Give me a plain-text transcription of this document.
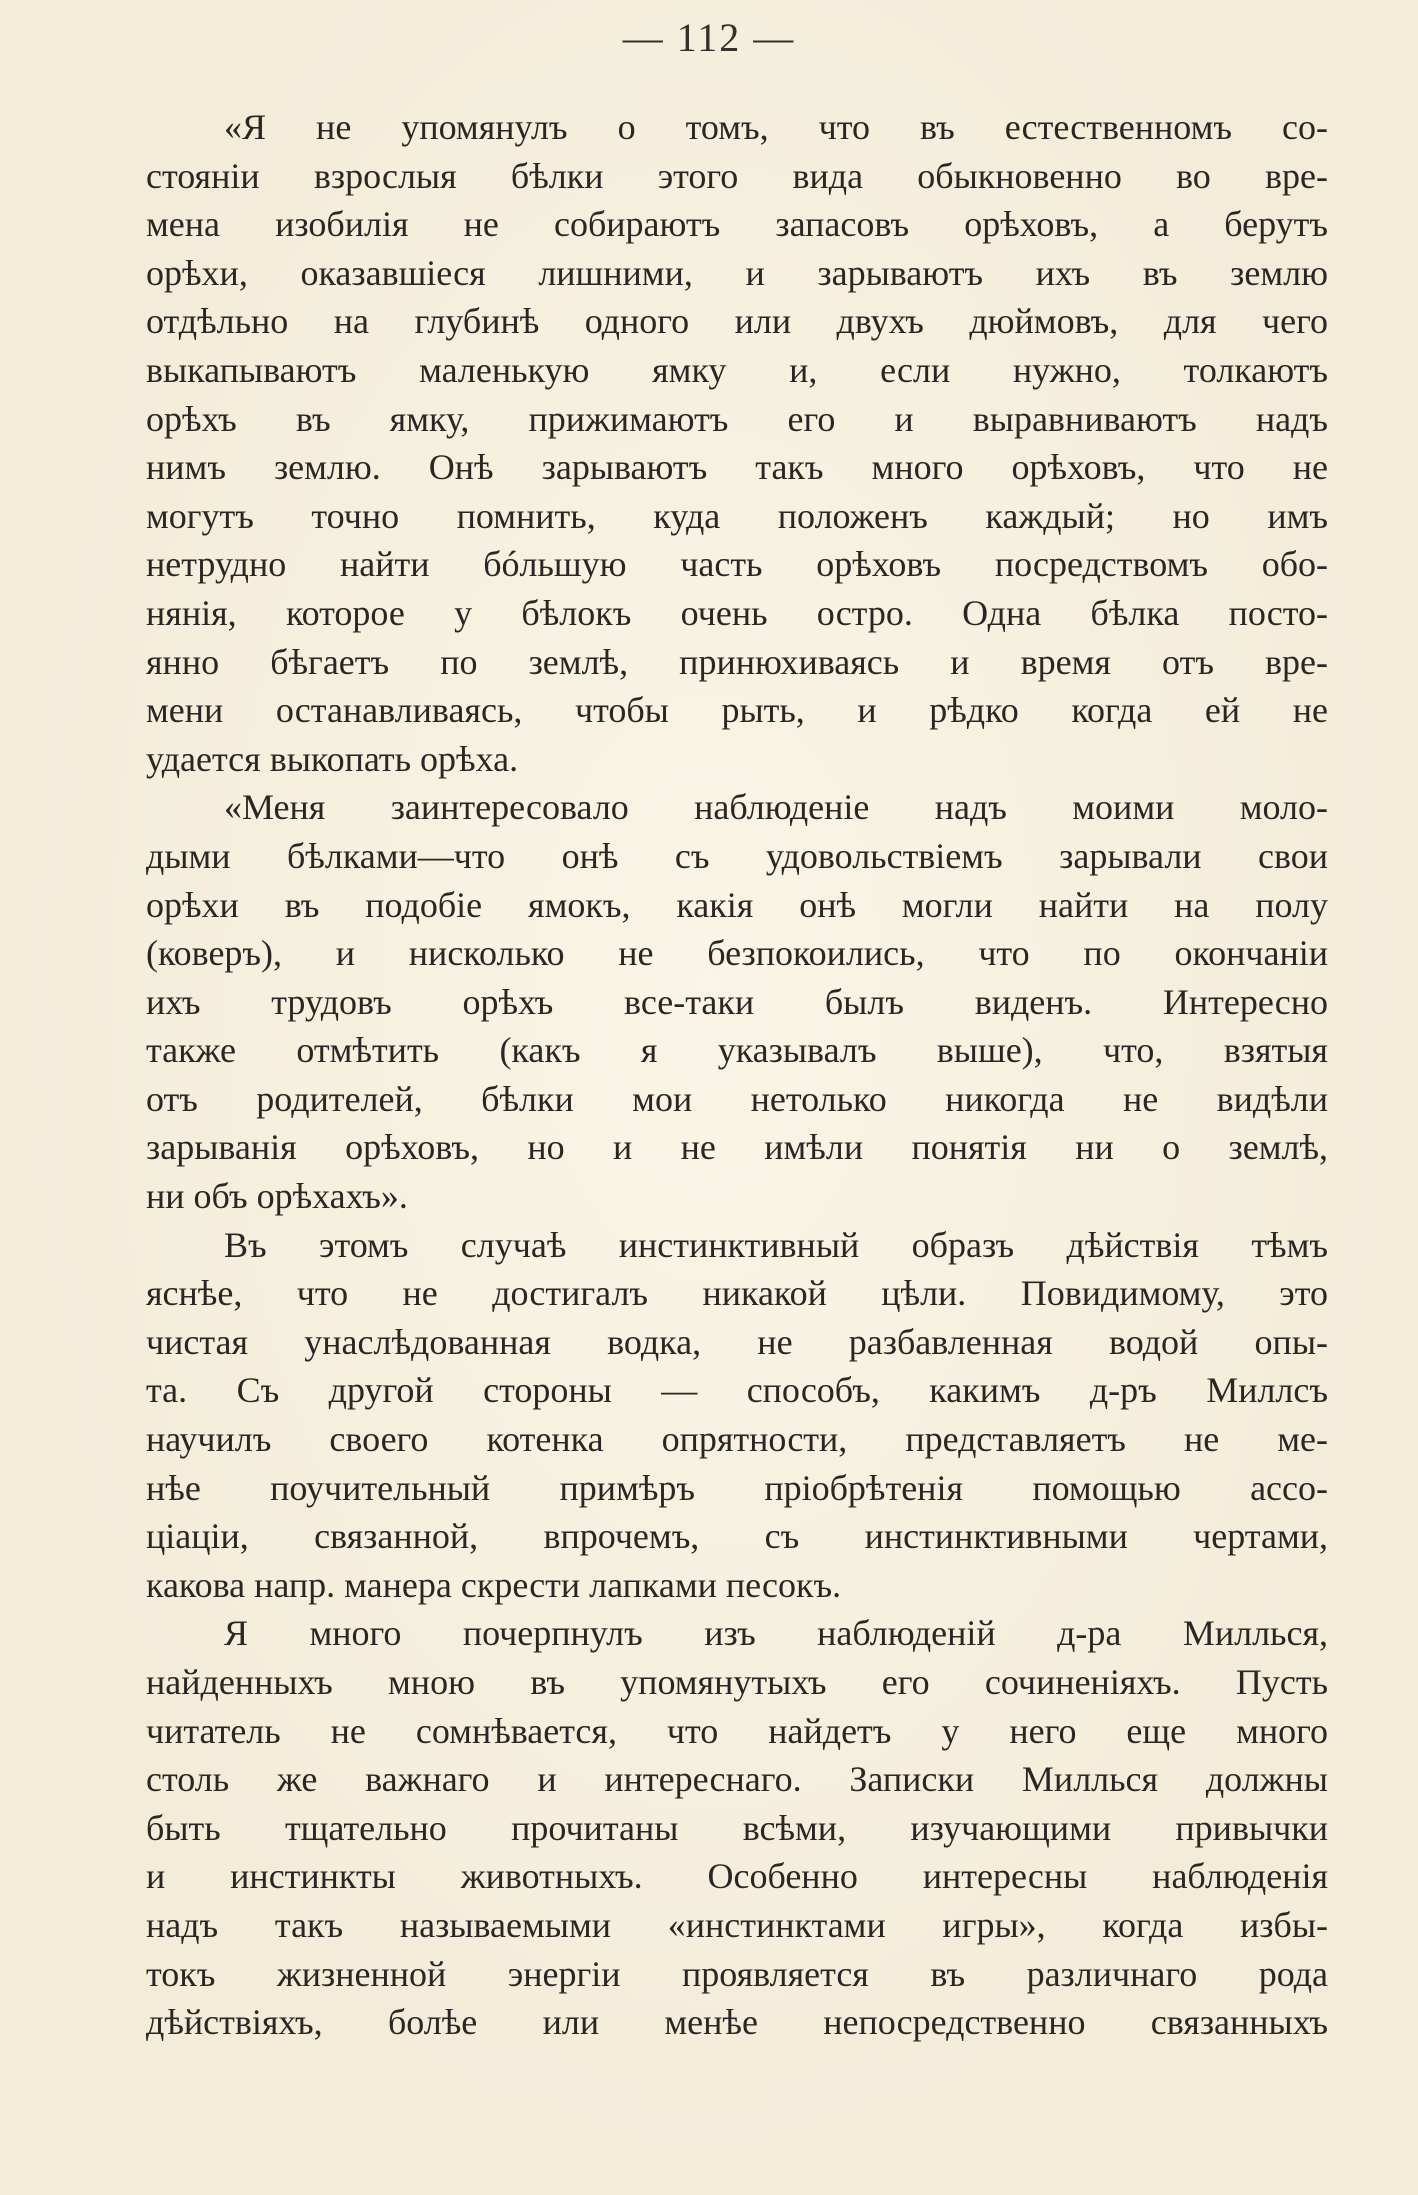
— 112 —
«Я не упомянулъ о томъ, что въ естественномъ со-
стоянiи взрослыя бѣлки этого вида обыкновенно во вре-
мена изобилiя не собираютъ запасовъ орѣховъ, а берутъ
орѣхи, оказавшiеся лишними, и зарываютъ ихъ въ землю
отдѣльно на глубинѣ одного или двухъ дюймовъ, для чего
выкапываютъ маленькую ямку и, если нужно, толкаютъ
орѣхъ въ ямку, прижимаютъ его и выравниваютъ надъ
нимъ землю. Онѣ зарываютъ такъ много орѣховъ, что не
могутъ точно помнить, куда положенъ каждый; но имъ
нетрудно найти бóльшую часть орѣховъ посредствомъ обо-
нянiя, которое у бѣлокъ очень остро. Одна бѣлка посто-
янно бѣгаетъ по землѣ, принюхиваясь и время отъ вре-
мени останавливаясь, чтобы рыть, и рѣдко когда ей не
удается выкопать орѣха.
«Меня заинтересовало наблюденiе надъ моими моло-
дыми бѣлками—что онѣ съ удовольствiемъ зарывали свои
орѣхи въ подобiе ямокъ, какiя онѣ могли найти на полу
(коверъ), и нисколько не безпокоились, что по окончанiи
ихъ трудовъ орѣхъ все-таки былъ виденъ. Интересно
также отмѣтить (какъ я указывалъ выше), что, взятыя
отъ родителей, бѣлки мои нетолько никогда не видѣли
зарыванiя орѣховъ, но и не имѣли понятiя ни о землѣ,
ни объ орѣхахъ».
Въ этомъ случаѣ инстинктивный образъ дѣйствiя тѣмъ
яснѣе, что не достигалъ никакой цѣли. Повидимому, это
чистая унаслѣдованная водка, не разбавленная водой опы-
та. Съ другой стороны — способъ, какимъ д-ръ Миллсъ
научилъ своего котенка опрятности, представляетъ не ме-
нѣе поучительный примѣръ прiобрѣтенiя помощью ассо-
цiацiи, связанной, впрочемъ, съ инстинктивными чертами,
какова напр. манера скрести лапками песокъ.
Я много почерпнулъ изъ наблюденiй д-ра Миллься,
найденныхъ мною въ упомянутыхъ его сочиненiяхъ. Пусть
читатель не сомнѣвается, что найдетъ у него еще много
столь же важнаго и интереснаго. Записки Миллься должны
быть тщательно прочитаны всѣми, изучающими привычки
и инстинкты животныхъ. Особенно интересны наблюденiя
надъ такъ называемыми «инстинктами игры», когда избы-
токъ жизненной энергiи проявляется въ различнаго рода
дѣйствiяхъ, болѣе или менѣе непосредственно связанныхъ
